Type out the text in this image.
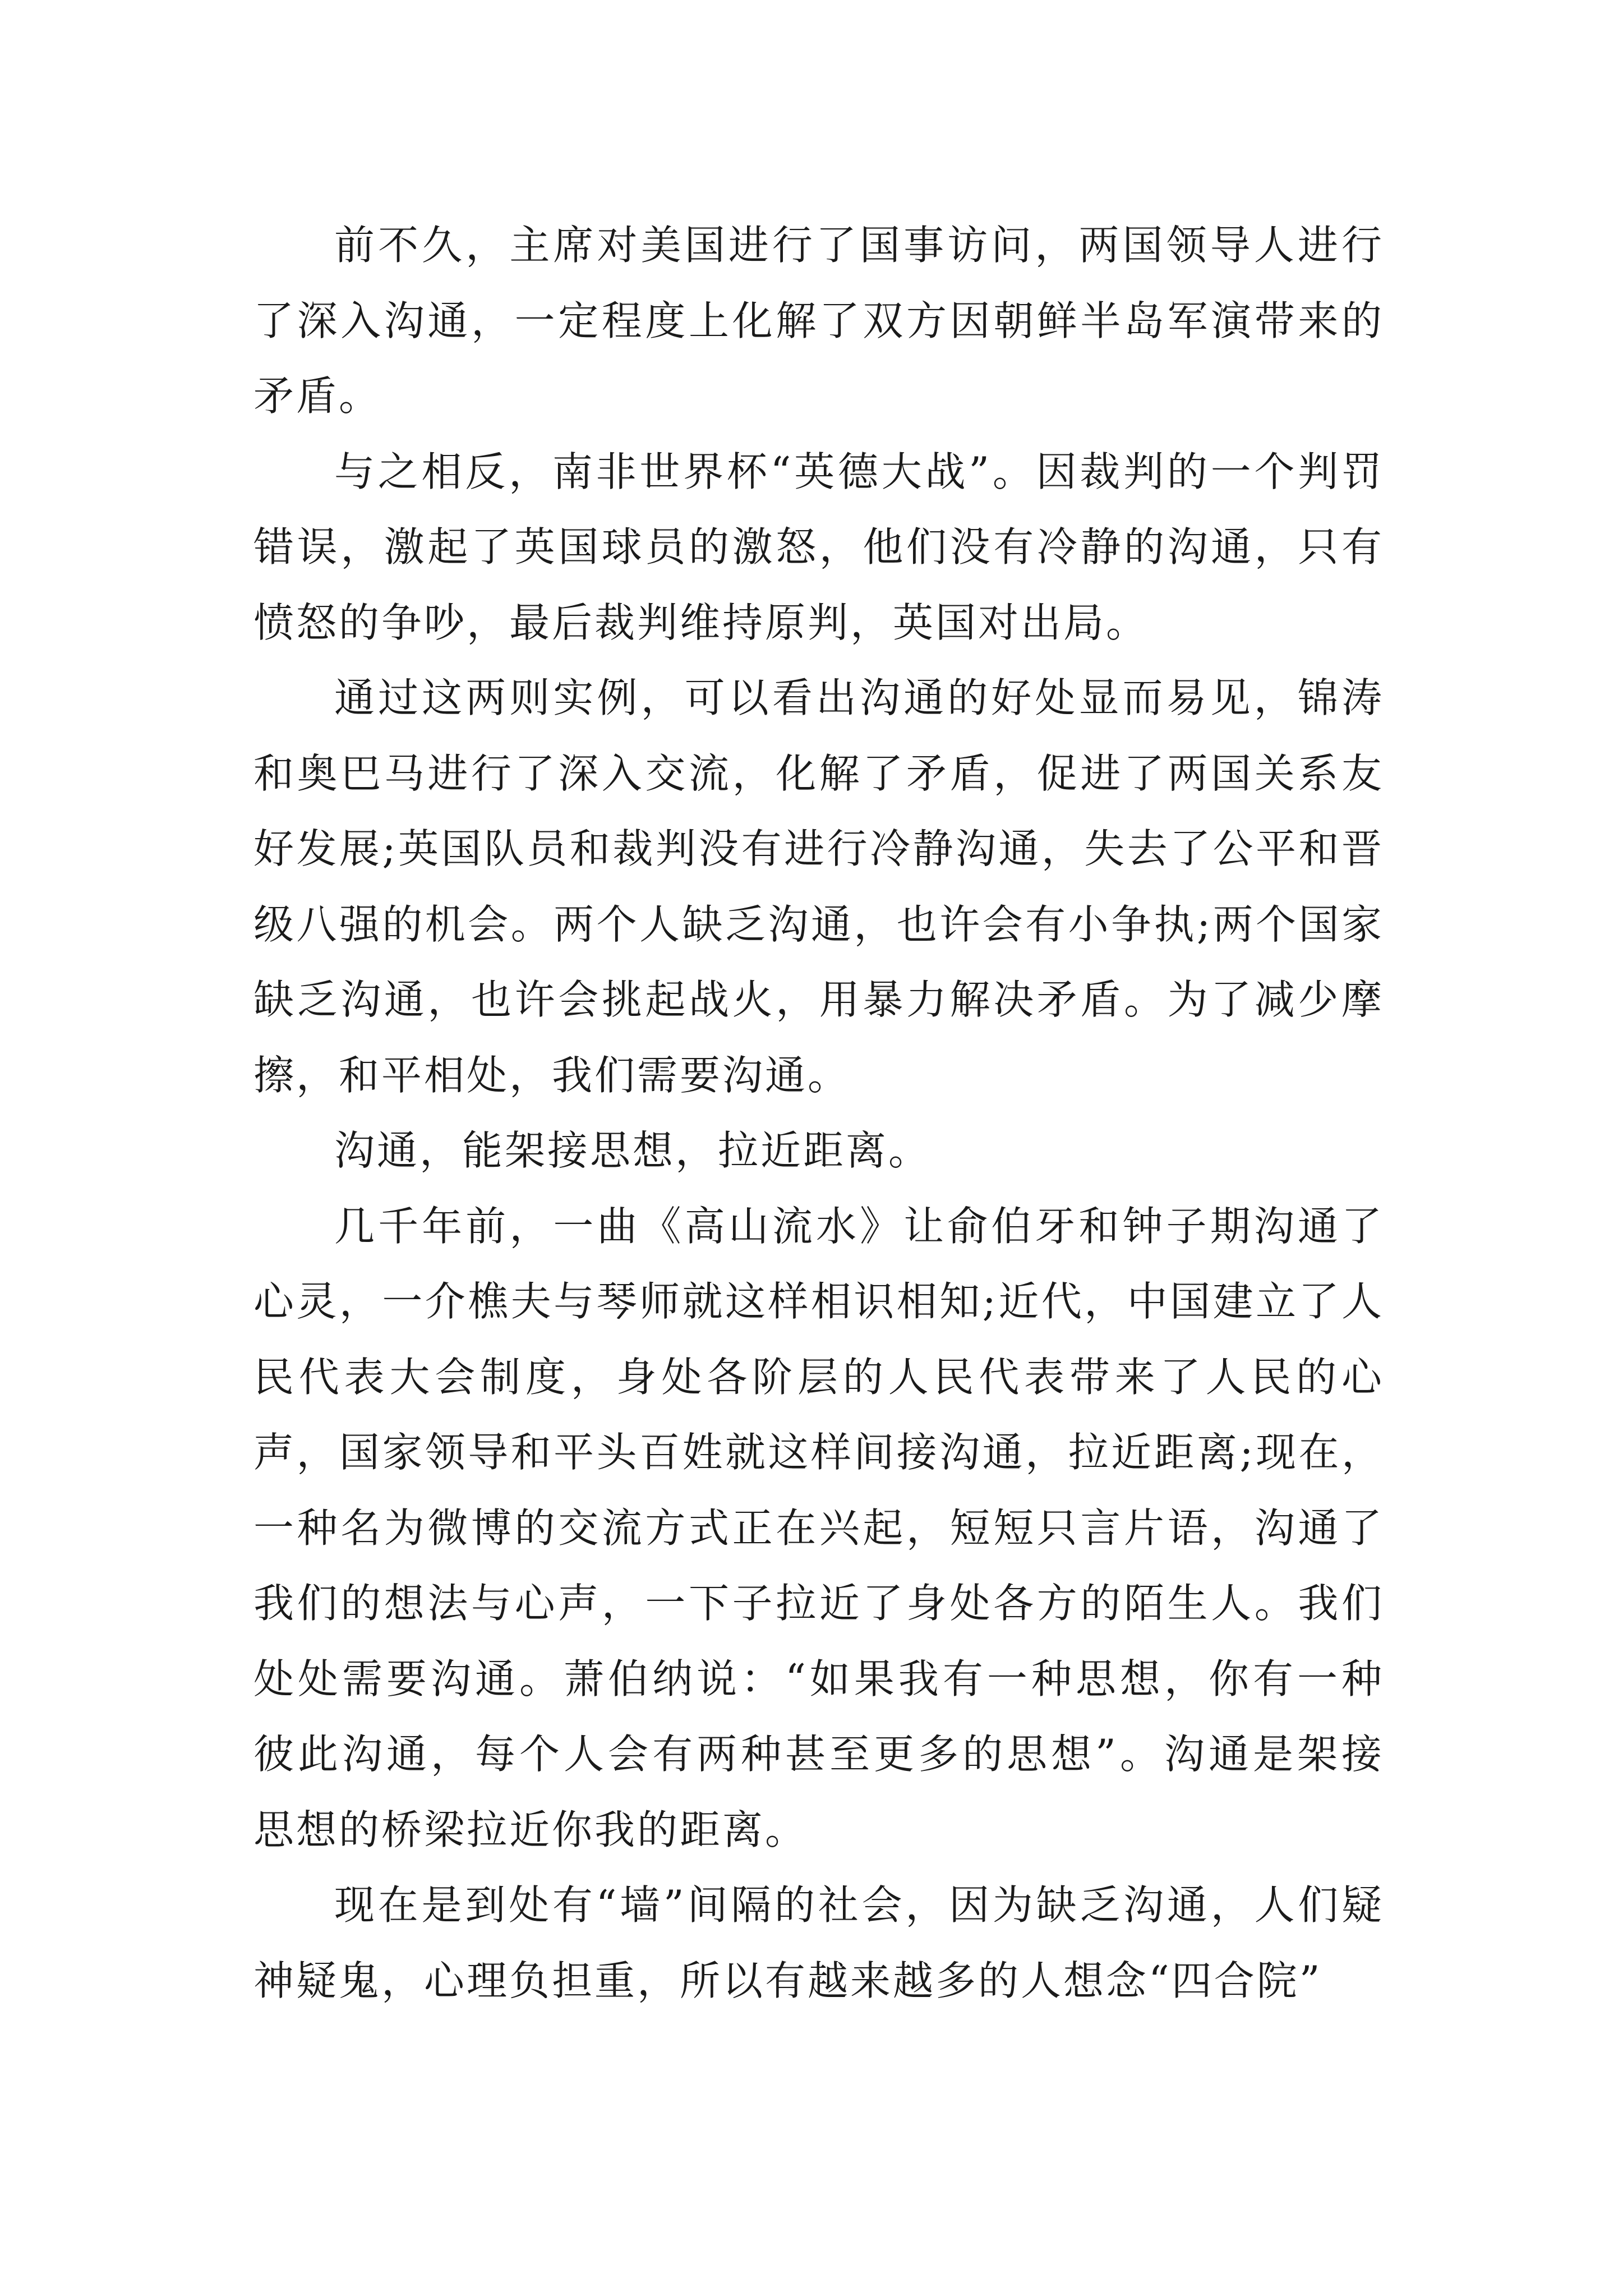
前不久，主席对美国进行了国事访问，两国领导人进行了深入沟通，一定程度上化解了双方因朝鲜半岛军演带来的矛盾。

与之相反，南非世界杯“英德大战”。因裁判的一个判罚错误，激起了英国球员的激怒，他们没有冷静的沟通，只有愤怒的争吵，最后裁判维持原判，英国对出局。

通过这两则实例，可以看出沟通的好处显而易见，锦涛和奥巴马进行了深入交流，化解了矛盾，促进了两国关系友好发展;英国队员和裁判没有进行冷静沟通，失去了公平和晋级八强的机会。两个人缺乏沟通，也许会有小争执;两个国家缺乏沟通，也许会挑起战火，用暴力解决矛盾。为了减少摩擦，和平相处，我们需要沟通。

沟通，能架接思想，拉近距离。

几千年前，一曲《高山流水》让俞伯牙和钟子期沟通了心灵，一介樵夫与琴师就这样相识相知;近代，中国建立了人民代表大会制度，身处各阶层的人民代表带来了人民的心声，国家领导和平头百姓就这样间接沟通，拉近距离;现在，一种名为微博的交流方式正在兴起，短短只言片语，沟通了我们的想法与心声，一下子拉近了身处各方的陌生人。我们处处需要沟通。萧伯纳说：“如果我有一种思想，你有一种彼此沟通，每个人会有两种甚至更多的思想”。沟通是架接思想的桥梁拉近你我的距离。

现在是到处有“墙”间隔的社会，因为缺乏沟通，人们疑神疑鬼，心理负担重，所以有越来越多的人想念“四合院”
